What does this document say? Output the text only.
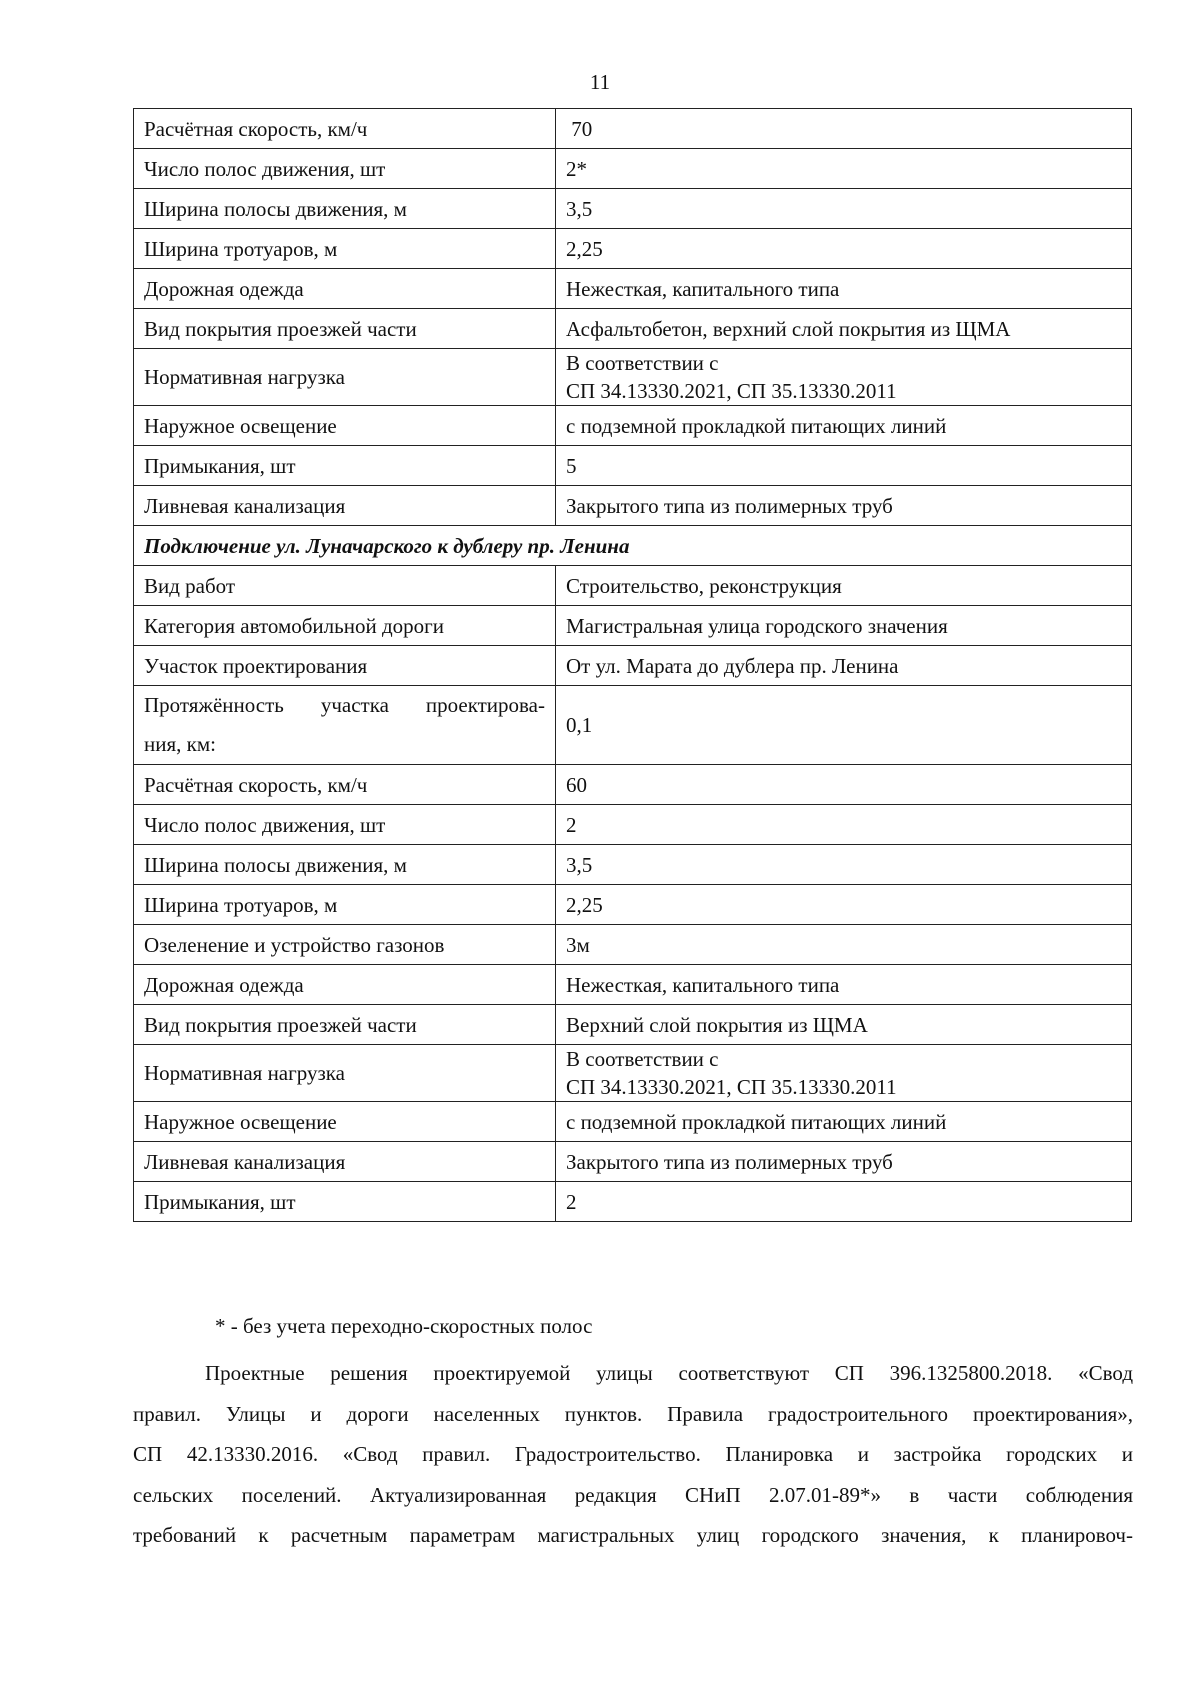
11
Расчётная скорость, км/ч	70
Число полос движения, шт	2*
Ширина полосы движения, м	3,5
Ширина тротуаров, м	2,25
Дорожная одежда	Нежесткая, капитального типа
Вид покрытия проезжей части	Асфальтобетон, верхний слой покрытия из ЩМА
Нормативная нагрузка	В соответствии с
СП 34.13330.2021, СП 35.13330.2011

Наружное освещение	с подземной прокладкой питающих линий
Примыкания, шт	5
Ливневая канализация	Закрытого типа из полимерных труб
Подключение ул. Луначарского к дублеру пр. Ленина	
Вид работ	Строительство, реконструкция
Категория автомобильной дороги	Магистральная улица городского значения
Участок проектирования	От ул. Марата до дублера пр. Ленина

Протяжённость участка проектирова-
ния, км:	0,1
Расчётная скорость, км/ч	60
Число полос движения, шт	2
Ширина полосы движения, м	3,5
Ширина тротуаров, м	2,25
Озеленение и устройство газонов	3м
Дорожная одежда	Нежесткая, капитального типа
Вид покрытия проезжей части	Верхний слой покрытия из ЩМА
Нормативная нагрузка	В соответствии с
СП 34.13330.2021, СП 35.13330.2011

Наружное освещение	с подземной прокладкой питающих линий
Ливневая канализация	Закрытого типа из полимерных труб
Примыкания, шт	2
* - без учета переходно-скоростных полос
Проектные решения проектируемой улицы соответствуют СП 396.1325800.2018. «Свод
правил. Улицы и дороги населенных пунктов. Правила градостроительного проектирования»,
СП 42.13330.2016. «Свод правил. Градостроительство. Планировка и застройка городских и
сельских поселений. Актуализированная редакция СНиП 2.07.01-89*» в части соблюдения
требований к расчетным параметрам магистральных улиц городского значения, к планировоч-
